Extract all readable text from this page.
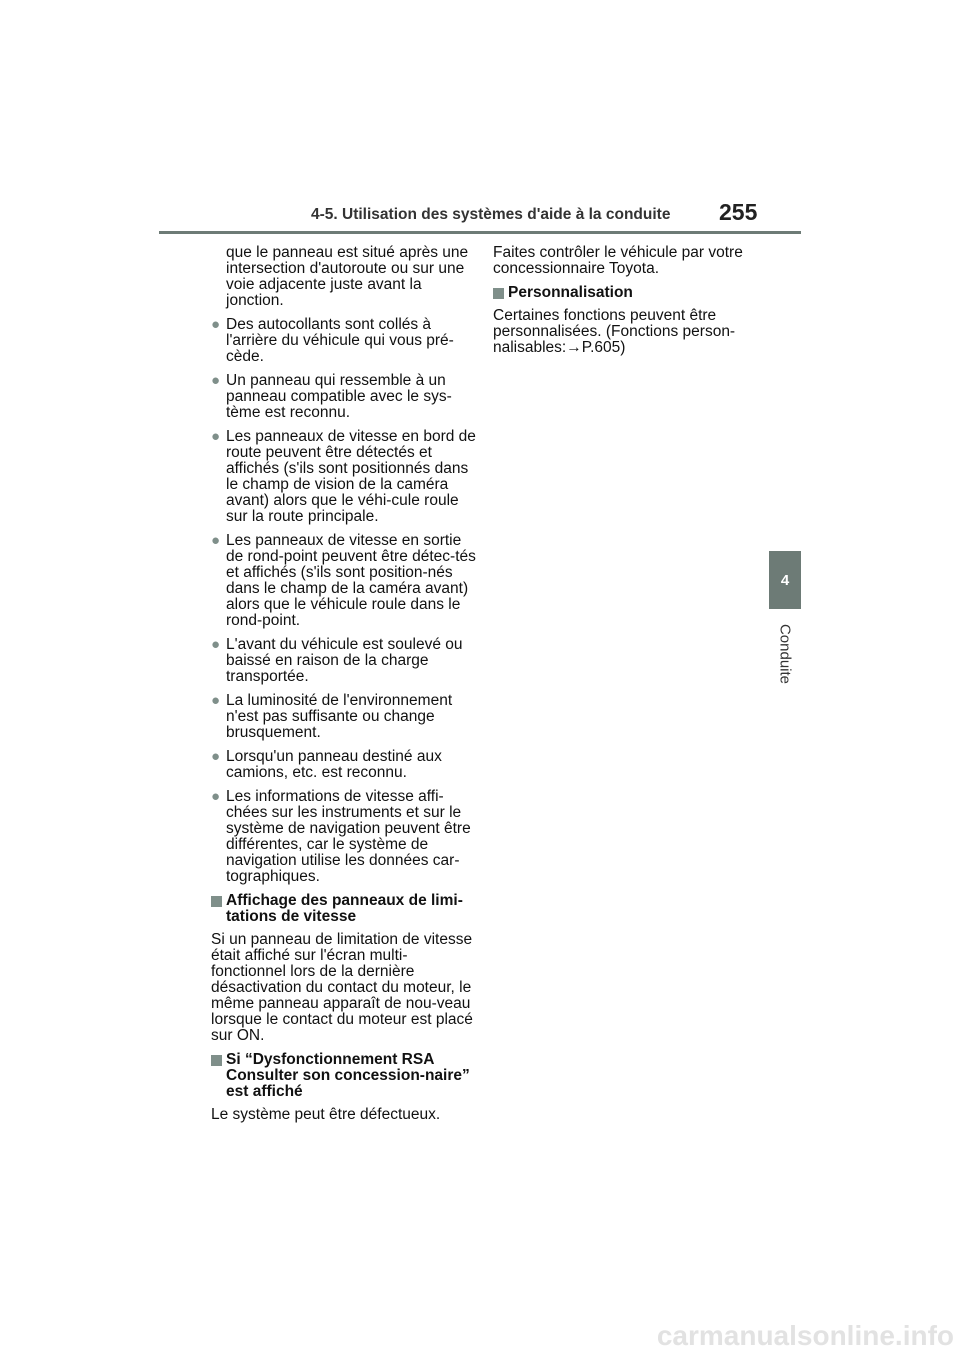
4-5. Utilisation des systèmes d'aide à la conduite 255
4
Conduite

que le panneau est situé après une intersection d'autoroute ou sur une voie adjacente juste avant la jonction.

● Des autocollants sont collés à l'arrière du véhicule qui vous pré-cède.
● Un panneau qui ressemble à un panneau compatible avec le sys-tème est reconnu.
● Les panneaux de vitesse en bord de route peuvent être détectés et affichés (s'ils sont positionnés dans le champ de vision de la caméra avant) alors que le véhi-cule roule sur la route principale.
● Les panneaux de vitesse en sortie de rond-point peuvent être détec-tés et affichés (s'ils sont position-nés dans le champ de la caméra avant) alors que le véhicule roule dans le rond-point.
● L'avant du véhicule est soulevé ou baissé en raison de la charge transportée.
● La luminosité de l'environnement n'est pas suffisante ou change brusquement.
● Lorsqu'un panneau destiné aux camions, etc. est reconnu.
● Les informations de vitesse affi-chées sur les instruments et sur le système de navigation peuvent être différentes, car le système de navigation utilise les données car-tographiques.
Affichage des panneaux de limi-tations de vitesse

Si un panneau de limitation de vitesse était affiché sur l'écran multi-fonctionnel lors de la dernière désactivation du contact du moteur, le même panneau apparaît de nou-veau lorsque le contact du moteur est placé sur ON.

Si “Dysfonctionnement RSA Consulter son concession-naire” est affiché

Le système peut être défectueux.

Faites contrôler le véhicule par votre concessionnaire Toyota.

Personnalisation

Certaines fonctions peuvent être personnalisées. (Fonctions person-nalisables:→P.605)

carmanualsonline.info
